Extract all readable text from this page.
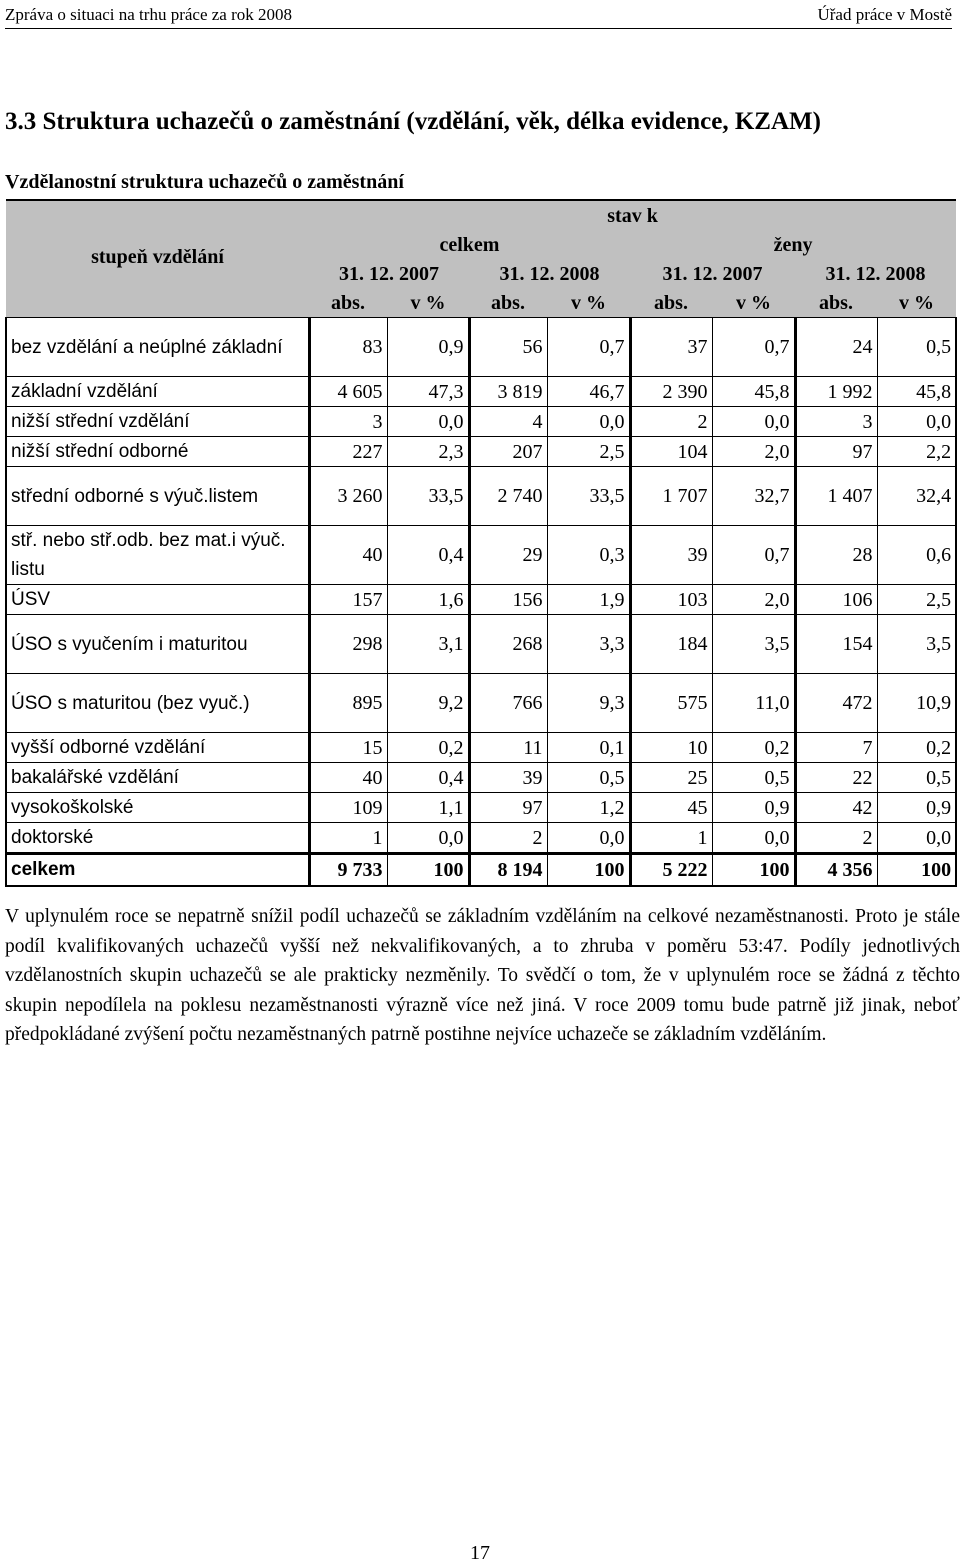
Zpráva o situaci na trhu práce za rok 2008	Úřad práce v Mostě
3.3 Struktura uchazečů o zaměstnání (vzdělání, věk, délka evidence, KZAM)
Vzdělanostní struktura uchazečů o zaměstnání
stupeň vzdělání	stav k							
	celkem				ženy			
	31. 12. 2007		31. 12. 2008		31. 12. 2007		31. 12. 2008	
	abs.	v %	abs.	v %	abs.	v %	abs.	v %
bez vzdělání a neúplné základní	83	0,9	56	0,7	37	0,7	24	0,5
základní vzdělání	4 605	47,3	3 819	46,7	2 390	45,8	1 992	45,8
nižší střední vzdělání	3	0,0	4	0,0	2	0,0	3	0,0
nižší střední odborné	227	2,3	207	2,5	104	2,0	97	2,2
střední odborné s výuč.listem	3 260	33,5	2 740	33,5	1 707	32,7	1 407	32,4
stř. nebo stř.odb. bez mat.i výuč. listu	40	0,4	29	0,3	39	0,7	28	0,6
ÚSV	157	1,6	156	1,9	103	2,0	106	2,5
ÚSO s vyučením i maturitou	298	3,1	268	3,3	184	3,5	154	3,5
ÚSO s maturitou (bez vyuč.)	895	9,2	766	9,3	575	11,0	472	10,9
vyšší odborné vzdělání	15	0,2	11	0,1	10	0,2	7	0,2
bakalářské vzdělání	40	0,4	39	0,5	25	0,5	22	0,5
vysokoškolské	109	1,1	97	1,2	45	0,9	42	0,9
doktorské	1	0,0	2	0,0	1	0,0	2	0,0
celkem	9 733	100	8 194	100	5 222	100	4 356	100
V uplynulém roce se nepatrně snížil podíl uchazečů se základním vzděláním na celkové nezaměstnanosti. Proto je stále podíl kvalifikovaných uchazečů vyšší než nekvalifikovaných, a to zhruba v poměru 53:47. Podíly jednotlivých vzdělanostních skupin uchazečů se ale prakticky nezměnily. To svědčí o tom, že v uplynulém roce se žádná z těchto skupin nepodílela na poklesu nezaměstnanosti výrazně více než jiná. V roce 2009 tomu bude patrně již jinak, neboť předpokládané zvýšení počtu nezaměstnaných patrně postihne nejvíce uchazeče se základním vzděláním.
17
